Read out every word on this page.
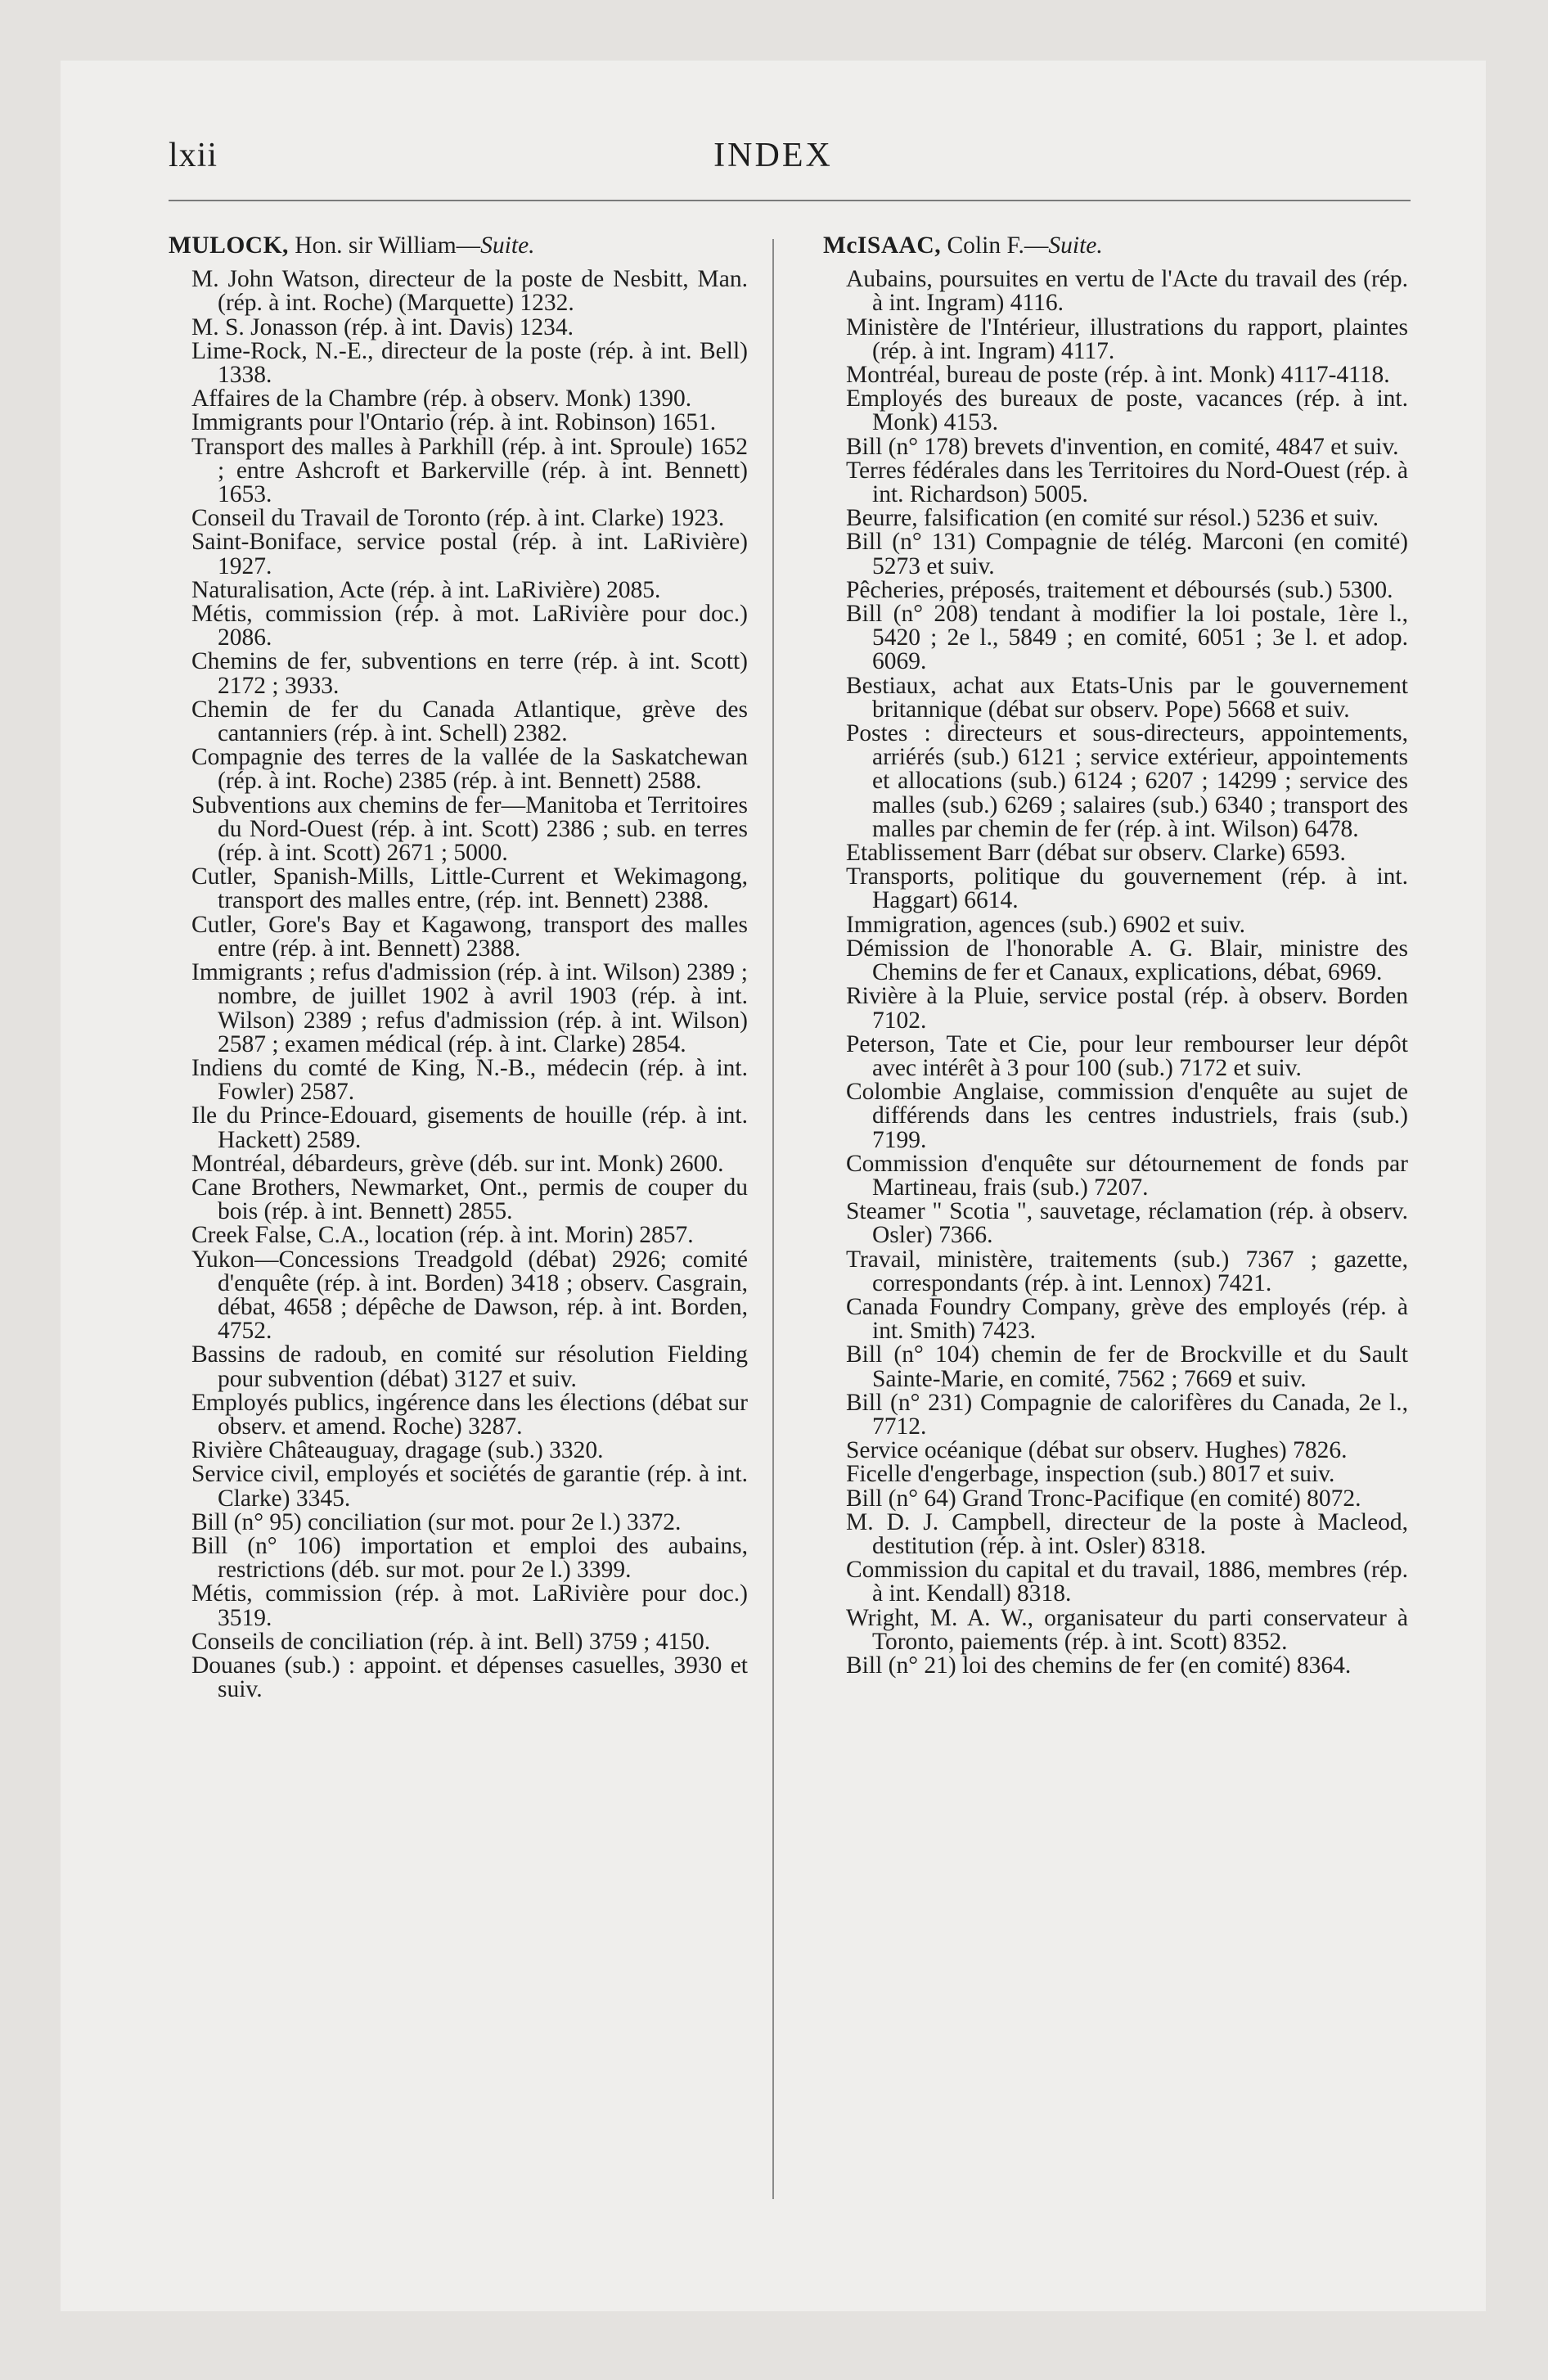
lxii	INDEX

MULOCK, Hon. sir William—Suite.

M. John Watson, directeur de la poste de Nesbitt, Man. (rép. à int. Roche) (Marquette) 1232.

M. S. Jonasson (rép. à int. Davis) 1234.

Lime-Rock, N.-E., directeur de la poste (rép. à int. Bell) 1338.

Affaires de la Chambre (rép. à observ. Monk) 1390.

Immigrants pour l'Ontario (rép. à int. Robinson) 1651.

Transport des malles à Parkhill (rép. à int. Sproule) 1652 ; entre Ashcroft et Barkerville (rép. à int. Bennett) 1653.

Conseil du Travail de Toronto (rép. à int. Clarke) 1923.

Saint-Boniface, service postal (rép. à int. LaRivière) 1927.

Naturalisation, Acte (rép. à int. LaRivière) 2085.

Métis, commission (rép. à mot. LaRivière pour doc.) 2086.

Chemins de fer, subventions en terre (rép. à int. Scott) 2172 ; 3933.

Chemin de fer du Canada Atlantique, grève des cantanniers (rép. à int. Schell) 2382.

Compagnie des terres de la vallée de la Saskatchewan (rép. à int. Roche) 2385 (rép. à int. Bennett) 2588.

Subventions aux chemins de fer—Manitoba et Territoires du Nord-Ouest (rép. à int. Scott) 2386 ; sub. en terres (rép. à int. Scott) 2671 ; 5000.

Cutler, Spanish-Mills, Little-Current et Wekimagong, transport des malles entre, (rép. int. Bennett) 2388.

Cutler, Gore's Bay et Kagawong, transport des malles entre (rép. à int. Bennett) 2388.

Immigrants ; refus d'admission (rép. à int. Wilson) 2389 ; nombre, de juillet 1902 à avril 1903 (rép. à int. Wilson) 2389 ; refus d'admission (rép. à int. Wilson) 2587 ; examen médical (rép. à int. Clarke) 2854.

Indiens du comté de King, N.-B., médecin (rép. à int. Fowler) 2587.

Ile du Prince-Edouard, gisements de houille (rép. à int. Hackett) 2589.

Montréal, débardeurs, grève (déb. sur int. Monk) 2600.

Cane Brothers, Newmarket, Ont., permis de couper du bois (rép. à int. Bennett) 2855.

Creek False, C.A., location (rép. à int. Morin) 2857.

Yukon—Concessions Treadgold (débat) 2926; comité d'enquête (rép. à int. Borden) 3418 ; observ. Casgrain, débat, 4658 ; dépêche de Dawson, rép. à int. Borden, 4752.

Bassins de radoub, en comité sur résolution Fielding pour subvention (débat) 3127 et suiv.

Employés publics, ingérence dans les élections (débat sur observ. et amend. Roche) 3287.

Rivière Châteauguay, dragage (sub.) 3320.

Service civil, employés et sociétés de garantie (rép. à int. Clarke) 3345.

Bill (n° 95) conciliation (sur mot. pour 2e l.) 3372.

Bill (n° 106) importation et emploi des aubains, restrictions (déb. sur mot. pour 2e l.) 3399.

Métis, commission (rép. à mot. LaRivière pour doc.) 3519.

Conseils de conciliation (rép. à int. Bell) 3759 ; 4150.

Douanes (sub.) : appoint. et dépenses casuelles, 3930 et suiv.

McISAAC, Colin F.—Suite.

Aubains, poursuites en vertu de l'Acte du travail des (rép. à int. Ingram) 4116.

Ministère de l'Intérieur, illustrations du rapport, plaintes (rép. à int. Ingram) 4117.

Montréal, bureau de poste (rép. à int. Monk) 4117-4118.

Employés des bureaux de poste, vacances (rép. à int. Monk) 4153.

Bill (n° 178) brevets d'invention, en comité, 4847 et suiv.

Terres fédérales dans les Territoires du Nord-Ouest (rép. à int. Richardson) 5005.

Beurre, falsification (en comité sur résol.) 5236 et suiv.

Bill (n° 131) Compagnie de télég. Marconi (en comité) 5273 et suiv.

Pêcheries, préposés, traitement et déboursés (sub.) 5300.

Bill (n° 208) tendant à modifier la loi postale, 1ère l., 5420 ; 2e l., 5849 ; en comité, 6051 ; 3e l. et adop. 6069.

Bestiaux, achat aux Etats-Unis par le gouvernement britannique (débat sur observ. Pope) 5668 et suiv.

Postes : directeurs et sous-directeurs, appointements, arriérés (sub.) 6121 ; service extérieur, appointements et allocations (sub.) 6124 ; 6207 ; 14299 ; service des malles (sub.) 6269 ; salaires (sub.) 6340 ; transport des malles par chemin de fer (rép. à int. Wilson) 6478.

Etablissement Barr (débat sur observ. Clarke) 6593.

Transports, politique du gouvernement (rép. à int. Haggart) 6614.

Immigration, agences (sub.) 6902 et suiv.

Démission de l'honorable A. G. Blair, ministre des Chemins de fer et Canaux, explications, débat, 6969.

Rivière à la Pluie, service postal (rép. à observ. Borden 7102.

Peterson, Tate et Cie, pour leur rembourser leur dépôt avec intérêt à 3 pour 100 (sub.) 7172 et suiv.

Colombie Anglaise, commission d'enquête au sujet de différends dans les centres industriels, frais (sub.) 7199.

Commission d'enquête sur détournement de fonds par Martineau, frais (sub.) 7207.

Steamer " Scotia ", sauvetage, réclamation (rép. à observ. Osler) 7366.

Travail, ministère, traitements (sub.) 7367 ; gazette, correspondants (rép. à int. Lennox) 7421.

Canada Foundry Company, grève des employés (rép. à int. Smith) 7423.

Bill (n° 104) chemin de fer de Brockville et du Sault Sainte-Marie, en comité, 7562 ; 7669 et suiv.

Bill (n° 231) Compagnie de calorifères du Canada, 2e l., 7712.

Service océanique (débat sur observ. Hughes) 7826.

Ficelle d'engerbage, inspection (sub.) 8017 et suiv.

Bill (n° 64) Grand Tronc-Pacifique (en comité) 8072.

M. D. J. Campbell, directeur de la poste à Macleod, destitution (rép. à int. Osler) 8318.

Commission du capital et du travail, 1886, membres (rép. à int. Kendall) 8318.

Wright, M. A. W., organisateur du parti conservateur à Toronto, paiements (rép. à int. Scott) 8352.

Bill (n° 21) loi des chemins de fer (en comité) 8364.
